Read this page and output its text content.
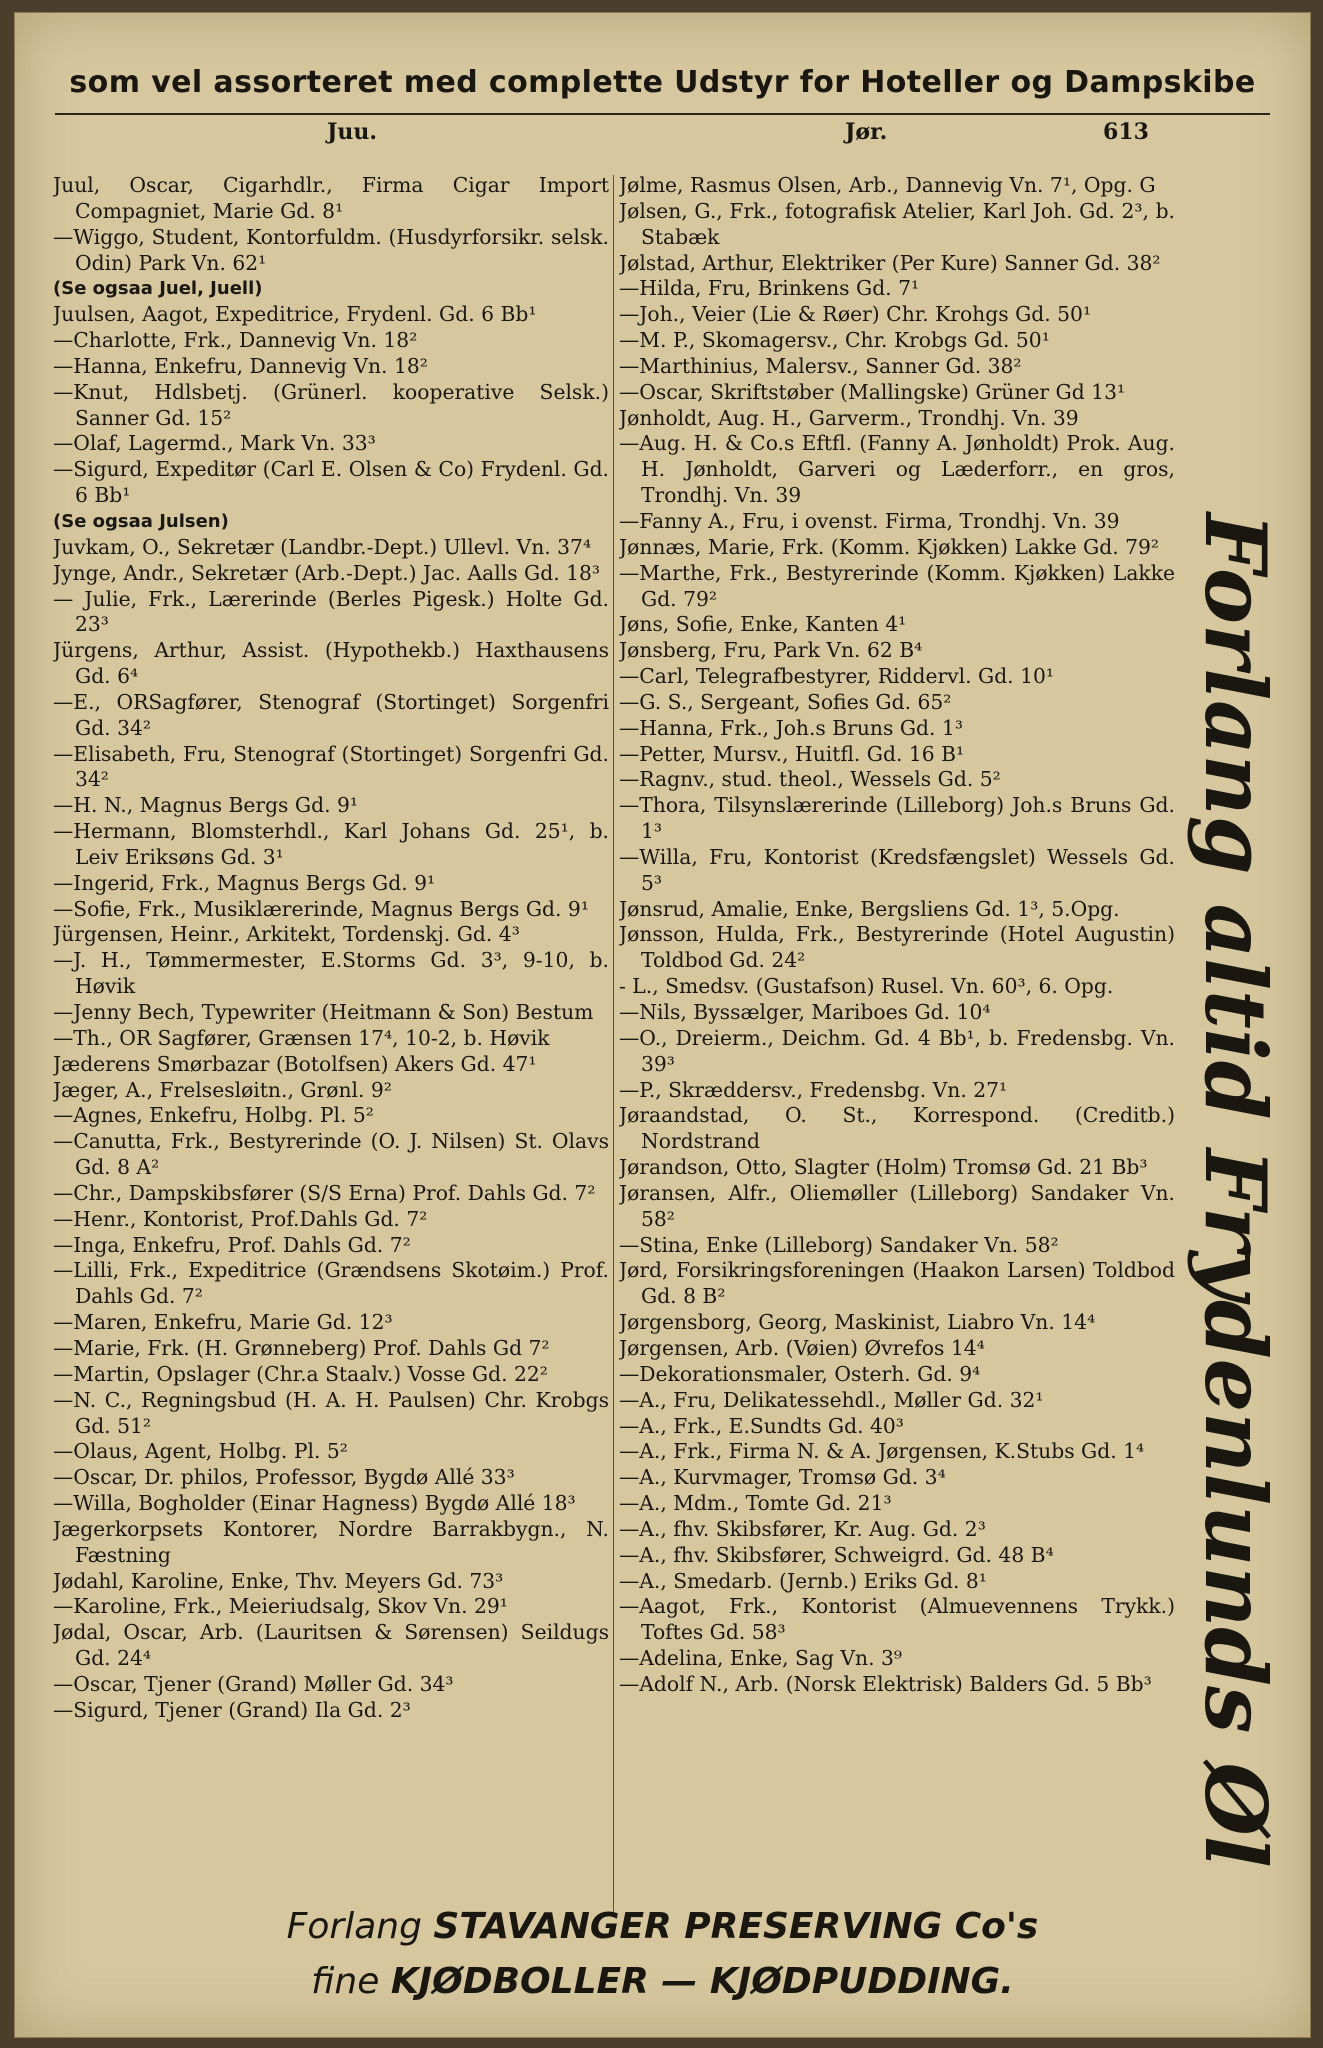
som vel assorteret med complette Udstyr for Hoteller og Dampskibe
Juu.	Jør.	613

Juul, Oscar, Cigarhdlr., Firma Cigar Import Compagniet, Marie Gd. 8¹

—Wiggo, Student, Kontorfuldm. (Husdyrforsikr. selsk. Odin) Park Vn. 62¹

(Se ogsaa Juel, Juell)

Juulsen, Aagot, Expeditrice, Frydenl. Gd. 6 Bb¹

—Charlotte, Frk., Dannevig Vn. 18²

—Hanna, Enkefru, Dannevig Vn. 18²

—Knut, Hdlsbetj. (Grünerl. kooperative Selsk.) Sanner Gd. 15²

—Olaf, Lagermd., Mark Vn. 33³

—Sigurd, Expeditør (Carl E. Olsen & Co) Frydenl. Gd. 6 Bb¹

(Se ogsaa Julsen)

Juvkam, O., Sekretær (Landbr.-Dept.) Ullevl. Vn. 37⁴

Jynge, Andr., Sekretær (Arb.-Dept.) Jac. Aalls Gd. 18³

— Julie, Frk., Lærerinde (Berles Pigesk.) Holte Gd. 23³

Jürgens, Arthur, Assist. (Hypothekb.) Haxthausens Gd. 6⁴

—E., ORSagfører, Stenograf (Stortinget) Sorgenfri Gd. 34²

—Elisabeth, Fru, Stenograf (Stortinget) Sorgenfri Gd. 34²

—H. N., Magnus Bergs Gd. 9¹

—Hermann, Blomsterhdl., Karl Johans Gd. 25¹, b. Leiv Eriksøns Gd. 3¹

—Ingerid, Frk., Magnus Bergs Gd. 9¹

—Sofie, Frk., Musiklærerinde, Magnus Bergs Gd. 9¹

Jürgensen, Heinr., Arkitekt, Tordenskj. Gd. 4³

—J. H., Tømmermester, E.Storms Gd. 3³, 9-10, b. Høvik

—Jenny Bech, Typewriter (Heitmann & Son) Bestum

—Th., OR Sagfører, Grænsen 17⁴, 10-2, b. Høvik

Jæderens Smørbazar (Botolfsen) Akers Gd. 47¹

Jæger, A., Frelsesløitn., Grønl. 9²

—Agnes, Enkefru, Holbg. Pl. 5²

—Canutta, Frk., Bestyrerinde (O. J. Nilsen) St. Olavs Gd. 8 A²

—Chr., Dampskibsfører (S/S Erna) Prof. Dahls Gd. 7²

—Henr., Kontorist, Prof.Dahls Gd. 7²

—Inga, Enkefru, Prof. Dahls Gd. 7²

—Lilli, Frk., Expeditrice (Grændsens Skotøim.) Prof. Dahls Gd. 7²

—Maren, Enkefru, Marie Gd. 12³

—Marie, Frk. (H. Grønneberg) Prof. Dahls Gd 7²

—Martin, Opslager (Chr.a Staalv.) Vosse Gd. 22²

—N. C., Regningsbud (H. A. H. Paulsen) Chr. Krobgs Gd. 51²

—Olaus, Agent, Holbg. Pl. 5²

—Oscar, Dr. philos, Professor, Bygdø Allé 33³

—Willa, Bogholder (Einar Hagness) Bygdø Allé 18³

Jægerkorpsets Kontorer, Nordre Barrakbygn., N. Fæstning

Jødahl, Karoline, Enke, Thv. Meyers Gd. 73³

—Karoline, Frk., Meieriudsalg, Skov Vn. 29¹

Jødal, Oscar, Arb. (Lauritsen & Sørensen) Seildugs Gd. 24⁴

—Oscar, Tjener (Grand) Møller Gd. 34³

—Sigurd, Tjener (Grand) Ila Gd. 2³

Jølme, Rasmus Olsen, Arb., Dannevig Vn. 7¹, Opg. G

Jølsen, G., Frk., fotografisk Atelier, Karl Joh. Gd. 2³, b. Stabæk

Jølstad, Arthur, Elektriker (Per Kure) Sanner Gd. 38²

—Hilda, Fru, Brinkens Gd. 7¹

—Joh., Veier (Lie & Røer) Chr. Krohgs Gd. 50¹

—M. P., Skomagersv., Chr. Krobgs Gd. 50¹

—Marthinius, Malersv., Sanner Gd. 38²

—Oscar, Skriftstøber (Mallingske) Grüner Gd 13¹

Jønholdt, Aug. H., Garverm., Trondhj. Vn. 39

—Aug. H. & Co.s Eftfl. (Fanny A. Jønholdt) Prok. Aug. H. Jønholdt, Garveri og Læderforr., en gros, Trondhj. Vn. 39

—Fanny A., Fru, i ovenst. Firma, Trondhj. Vn. 39

Jønnæs, Marie, Frk. (Komm. Kjøkken) Lakke Gd. 79²

—Marthe, Frk., Bestyrerinde (Komm. Kjøkken) Lakke Gd. 79²

Jøns, Sofie, Enke, Kanten 4¹

Jønsberg, Fru, Park Vn. 62 B⁴

—Carl, Telegrafbestyrer, Riddervl. Gd. 10¹

—G. S., Sergeant, Sofies Gd. 65²

—Hanna, Frk., Joh.s Bruns Gd. 1³

—Petter, Mursv., Huitfl. Gd. 16 B¹

—Ragnv., stud. theol., Wessels Gd. 5²

—Thora, Tilsynslærerinde (Lilleborg) Joh.s Bruns Gd. 1³

—Willa, Fru, Kontorist (Kredsfængslet) Wessels Gd. 5³

Jønsrud, Amalie, Enke, Bergsliens Gd. 1³, 5.Opg.

Jønsson, Hulda, Frk., Bestyrerinde (Hotel Augustin) Toldbod Gd. 24²

- L., Smedsv. (Gustafson) Rusel. Vn. 60³, 6. Opg.

—Nils, Byssælger, Mariboes Gd. 10⁴

—O., Dreierm., Deichm. Gd. 4 Bb¹, b. Fredensbg. Vn. 39³

—P., Skræddersv., Fredensbg. Vn. 27¹

Jøraandstad, O. St., Korrespond. (Creditb.) Nordstrand

Jørandson, Otto, Slagter (Holm) Tromsø Gd. 21 Bb³

Jøransen, Alfr., Oliemøller (Lilleborg) Sandaker Vn. 58²

—Stina, Enke (Lilleborg) Sandaker Vn. 58²

Jørd, Forsikringsforeningen (Haakon Larsen) Toldbod Gd. 8 B²

Jørgensborg, Georg, Maskinist, Liabro Vn. 14⁴

Jørgensen, Arb. (Vøien) Øvrefos 14⁴

—Dekorationsmaler, Osterh. Gd. 9⁴

—A., Fru, Delikatessehdl., Møller Gd. 32¹

—A., Frk., E.Sundts Gd. 40³

—A., Frk., Firma N. & A. Jørgensen, K.Stubs Gd. 1⁴

—A., Kurvmager, Tromsø Gd. 3⁴

—A., Mdm., Tomte Gd. 21³

—A., fhv. Skibsfører, Kr. Aug. Gd. 2³

—A., fhv. Skibsfører, Schweigrd. Gd. 48 B⁴

—A., Smedarb. (Jernb.) Eriks Gd. 8¹

—Aagot, Frk., Kontorist (Almuevennens Trykk.) Toftes Gd. 58³

—Adelina, Enke, Sag Vn. 3⁹

—Adolf N., Arb. (Norsk Elektrisk) Balders Gd. 5 Bb³ Forlang altid Frydenlunds Øl
Forlang STAVANGER PRESERVING Co's
fine KJØDBOLLER — KJØDPUDDING.
